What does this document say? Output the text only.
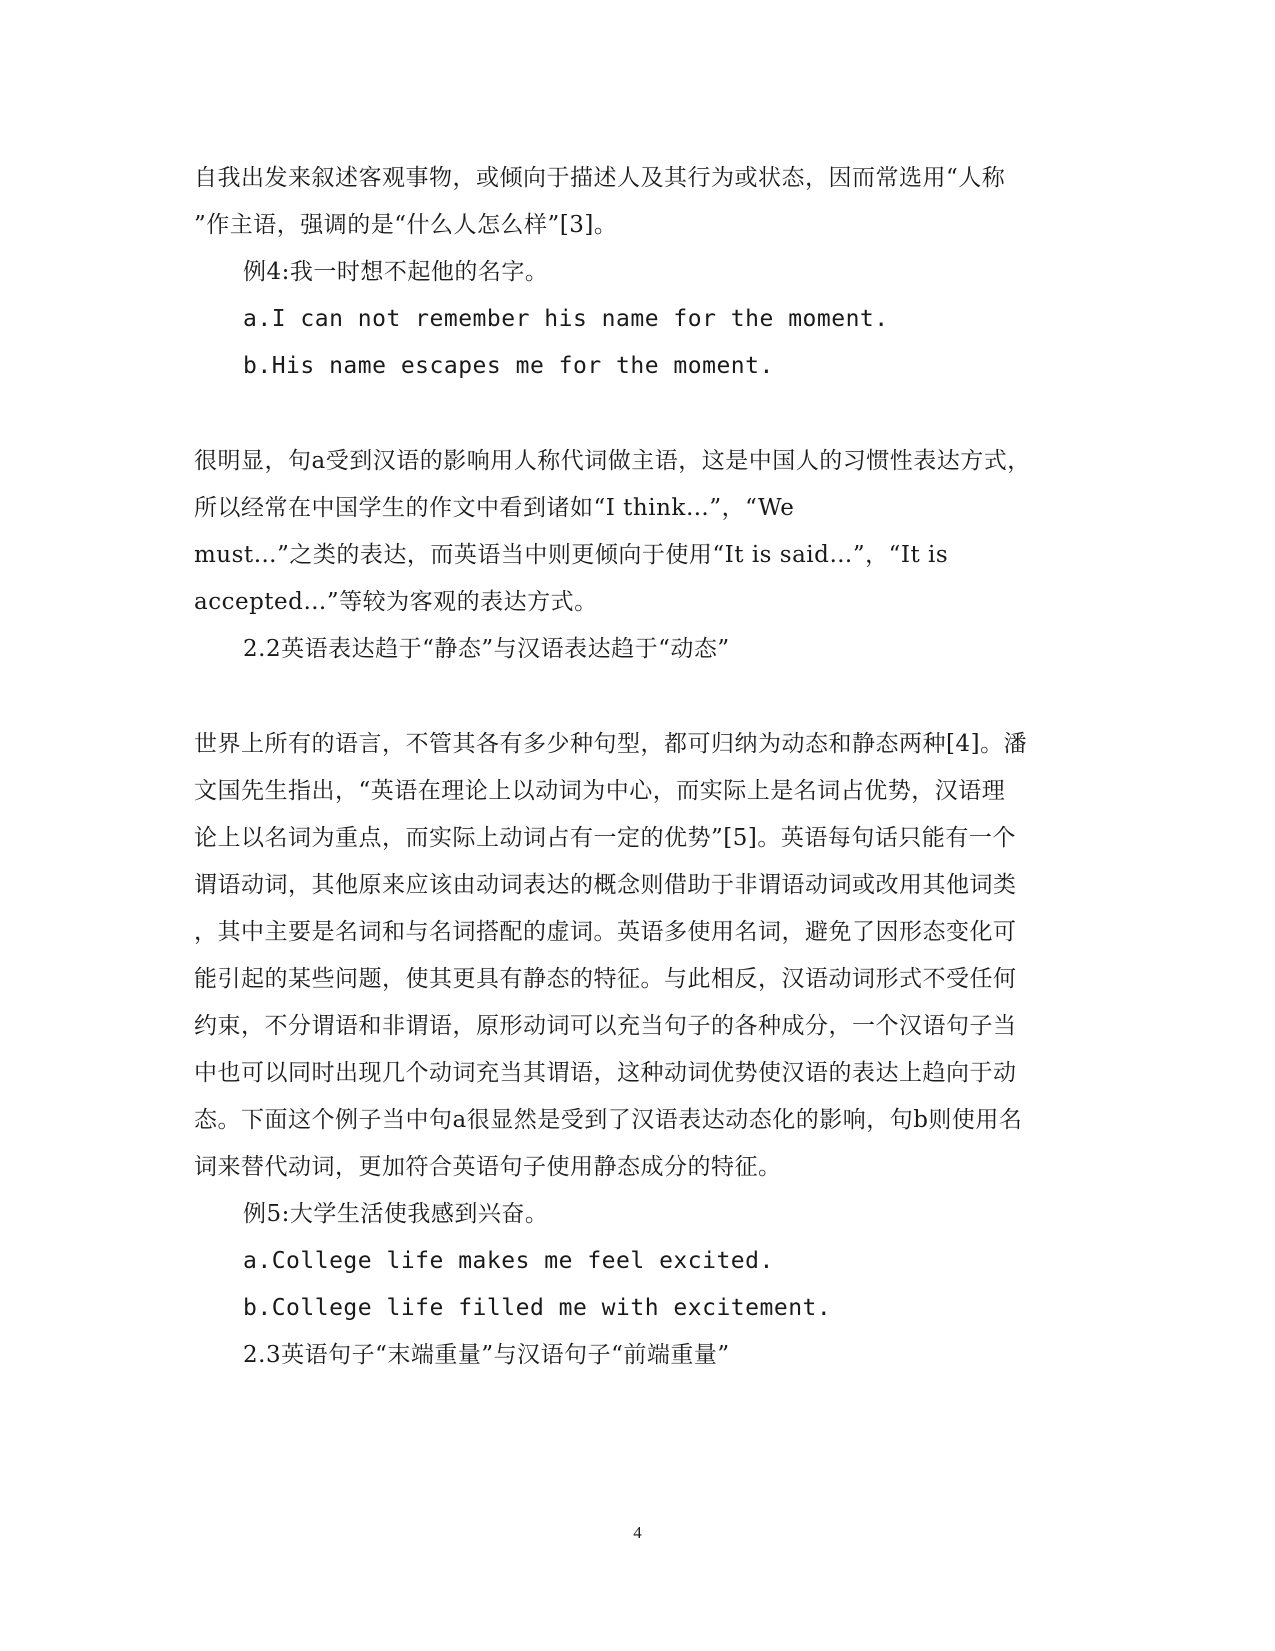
自我出发来叙述客观事物，或倾向于描述人及其行为或状态，因而常选用“人称
”作主语，强调的是“什么人怎么样”[3]。
例4:我一时想不起他的名字。
a.I can not remember his name for the moment.
b.His name escapes me for the moment.
很明显，句a受到汉语的影响用人称代词做主语，这是中国人的习惯性表达方式，
所以经常在中国学生的作文中看到诸如“I think…”，“We
must…”之类的表达，而英语当中则更倾向于使用“It is said…”，“It is
accepted…”等较为客观的表达方式。
2.2英语表达趋于“静态”与汉语表达趋于“动态”
世界上所有的语言，不管其各有多少种句型，都可归纳为动态和静态两种[4]。潘
文国先生指出，“英语在理论上以动词为中心，而实际上是名词占优势，汉语理
论上以名词为重点，而实际上动词占有一定的优势”[5]。英语每句话只能有一个
谓语动词，其他原来应该由动词表达的概念则借助于非谓语动词或改用其他词类
，其中主要是名词和与名词搭配的虚词。英语多使用名词，避免了因形态变化可
能引起的某些问题，使其更具有静态的特征。与此相反，汉语动词形式不受任何
约束，不分谓语和非谓语，原形动词可以充当句子的各种成分，一个汉语句子当
中也可以同时出现几个动词充当其谓语，这种动词优势使汉语的表达上趋向于动
态。下面这个例子当中句a很显然是受到了汉语表达动态化的影响，句b则使用名
词来替代动词，更加符合英语句子使用静态成分的特征。
例5:大学生活使我感到兴奋。
a.College life makes me feel excited.
b.College life filled me with excitement.
2.3英语句子“末端重量”与汉语句子“前端重量”
4
